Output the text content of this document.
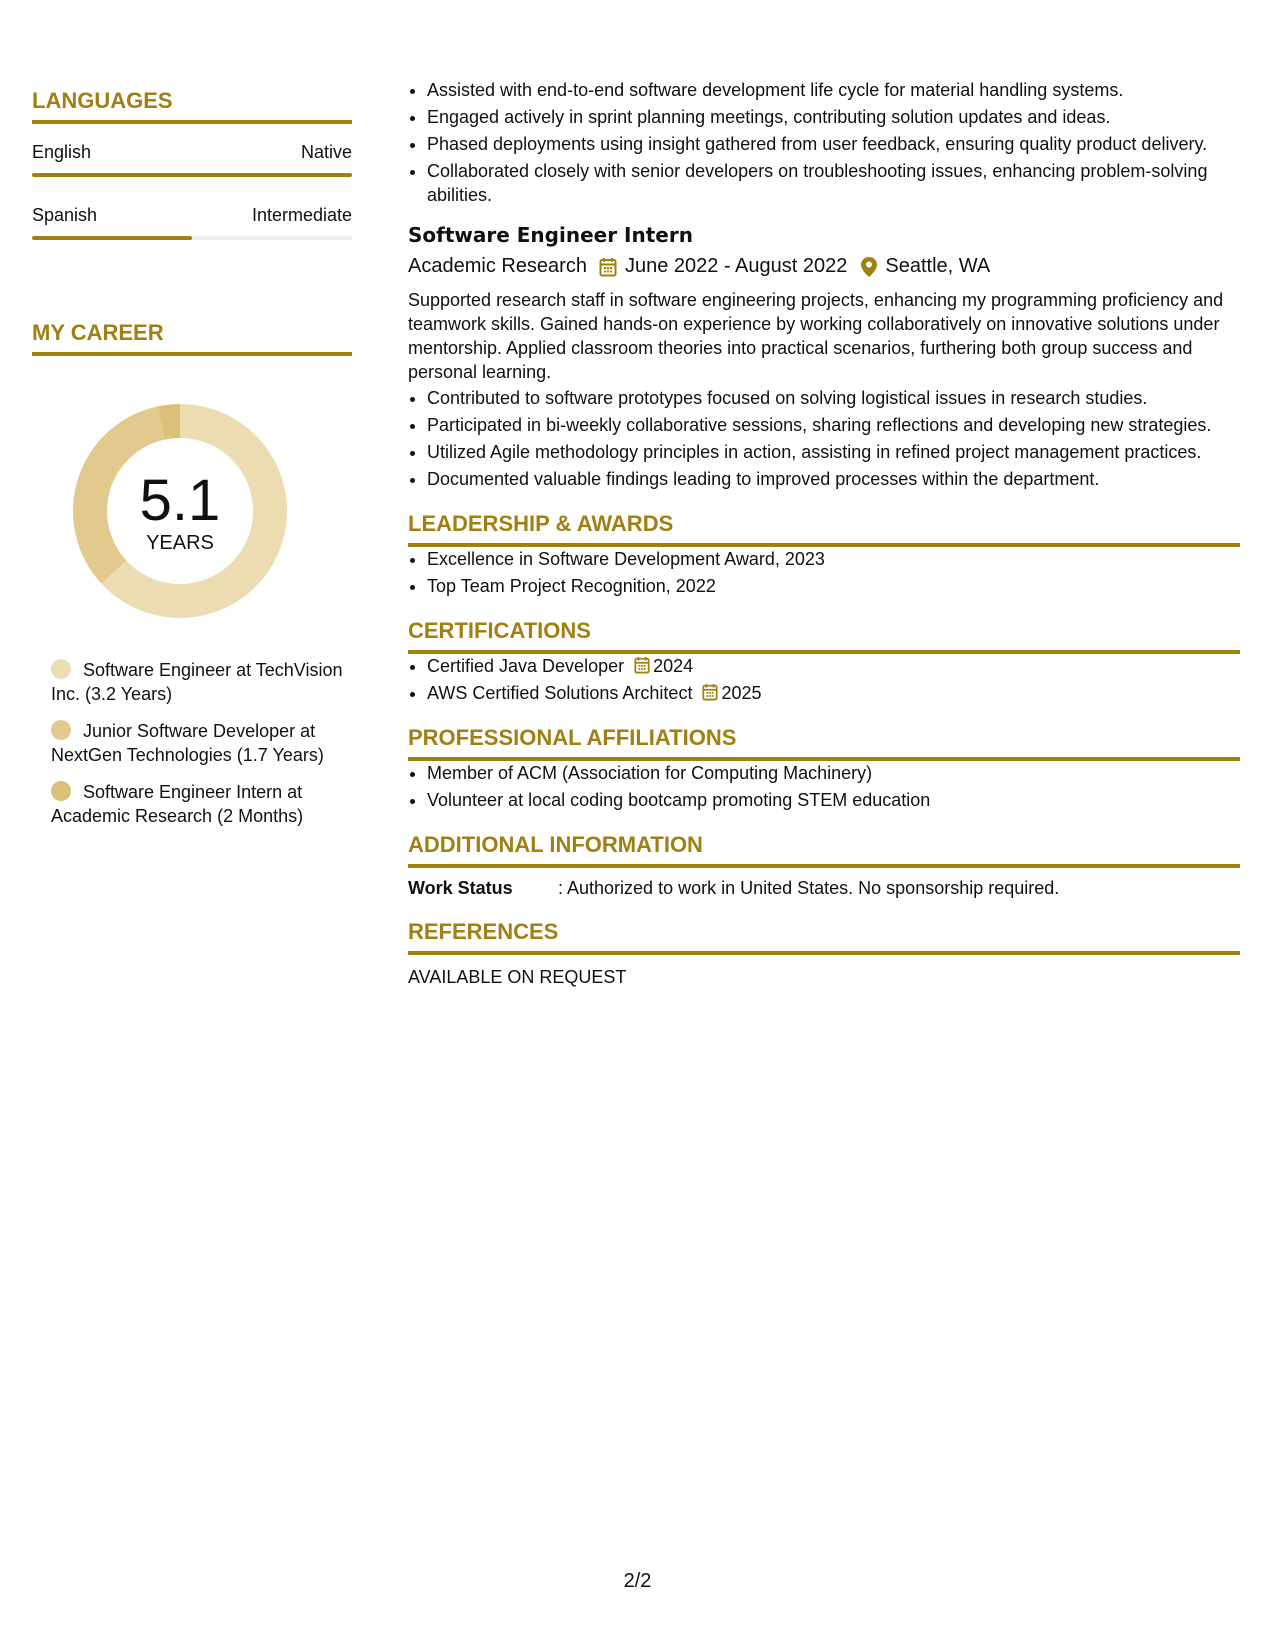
LANGUAGES
English	Native
Spanish	Intermediate
MY CAREER
5.1
YEARS
Software Engineer at TechVision Inc. (3.2 Years)
Junior Software Developer at NextGen Technologies (1.7 Years)
Software Engineer Intern at Academic Research (2 Months)
• Assisted with end-to-end software development life cycle for material handling systems.
• Engaged actively in sprint planning meetings, contributing solution updates and ideas.
• Phased deployments using insight gathered from user feedback, ensuring quality product delivery.
• Collaborated closely with senior developers on troubleshooting issues, enhancing problem-solving abilities.
Software Engineer Intern
Academic Research June 2022 - August 2022 Seattle, WA
Supported research staff in software engineering projects, enhancing my programming proficiency and teamwork skills. Gained hands-on experience by working collaboratively on innovative solutions under mentorship. Applied classroom theories into practical scenarios, furthering both group success and personal learning.
• Contributed to software prototypes focused on solving logistical issues in research studies.
• Participated in bi-weekly collaborative sessions, sharing reflections and developing new strategies.
• Utilized Agile methodology principles in action, assisting in refined project management practices.
• Documented valuable findings leading to improved processes within the department.
LEADERSHIP & AWARDS
• Excellence in Software Development Award, 2023
• Top Team Project Recognition, 2022
CERTIFICATIONS
• Certified Java Developer 2024
• AWS Certified Solutions Architect 2025
PROFESSIONAL AFFILIATIONS
• Member of ACM (Association for Computing Machinery)
• Volunteer at local coding bootcamp promoting STEM education
ADDITIONAL INFORMATION
Work Status	: Authorized to work in United States. No sponsorship required.
REFERENCES
AVAILABLE ON REQUEST
2/2
